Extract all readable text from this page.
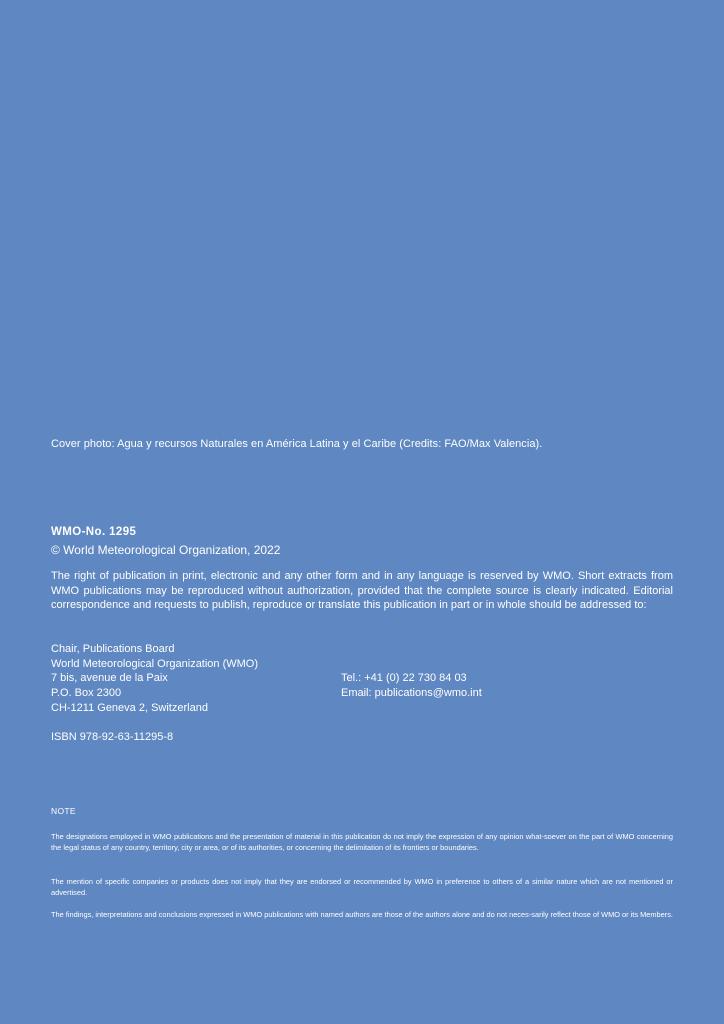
Cover photo: Agua y recursos Naturales en América Latina y el Caribe (Credits: FAO/Max Valencia).
WMO-No. 1295
© World Meteorological Organization, 2022
The right of publication in print, electronic and any other form and in any language is reserved by WMO. Short extracts from WMO publications may be reproduced without authorization, provided that the complete source is clearly indicated. Editorial correspondence and requests to publish, reproduce or translate this publication in part or in whole should be addressed to:
Chair, Publications Board
World Meteorological Organization (WMO)
7 bis, avenue de la Paix
P.O. Box 2300
CH-1211 Geneva 2, Switzerland
Tel.: +41 (0) 22 730 84 03
Email: publications@wmo.int
ISBN 978-92-63-11295-8
NOTE
The designations employed in WMO publications and the presentation of material in this publication do not imply the expression of any opinion what-soever on the part of WMO concerning the legal status of any country, territory, city or area, or of its authorities, or concerning the delimitation of its frontiers or boundaries.
The mention of specific companies or products does not imply that they are endorsed or recommended by WMO in preference to others of a similar nature which are not mentioned or advertised.
The findings, interpretations and conclusions expressed in WMO publications with named authors are those of the authors alone and do not neces-sarily reflect those of WMO or its Members.
